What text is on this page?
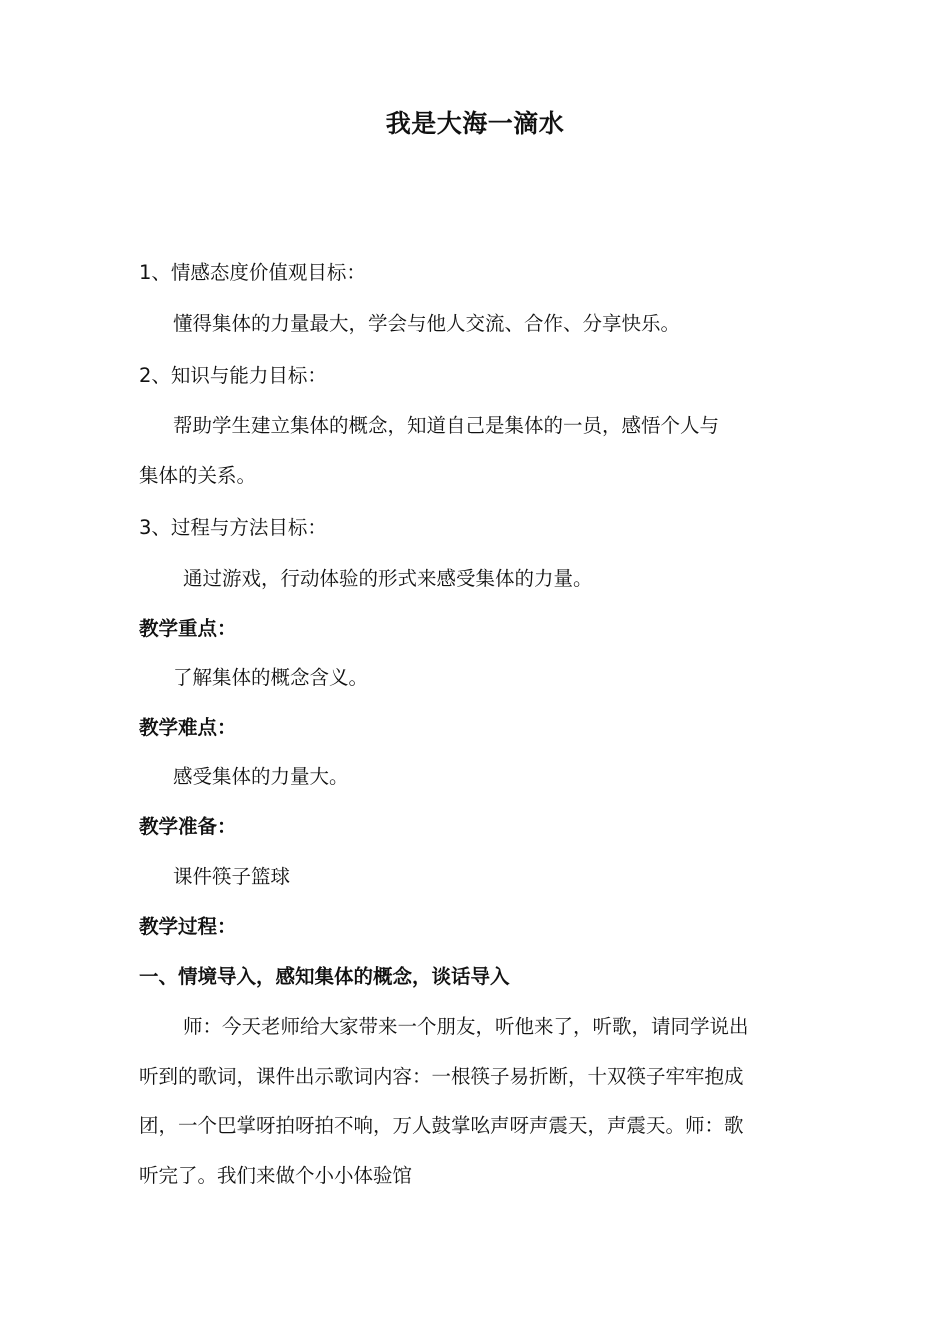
我是大海一滴水
1、情感态度价值观目标：
懂得集体的力量最大，学会与他人交流、合作、分享快乐。
2、知识与能力目标：
帮助学生建立集体的概念，知道自己是集体的一员，感悟个人与
集体的关系。
3、过程与方法目标：
通过游戏，行动体验的形式来感受集体的力量。
教学重点：
了解集体的概念含义。
教学难点：
感受集体的力量大。
教学准备：
课件筷子篮球
教学过程：
一、情境导入，感知集体的概念，谈话导入
师：今天老师给大家带来一个朋友，听他来了，听歌，请同学说出
听到的歌词，课件出示歌词内容：一根筷子易折断，十双筷子牢牢抱成
团，一个巴掌呀拍呀拍不响，万人鼓掌吆声呀声震天，声震天。师：歌
听完了。我们来做个小小体验馆
